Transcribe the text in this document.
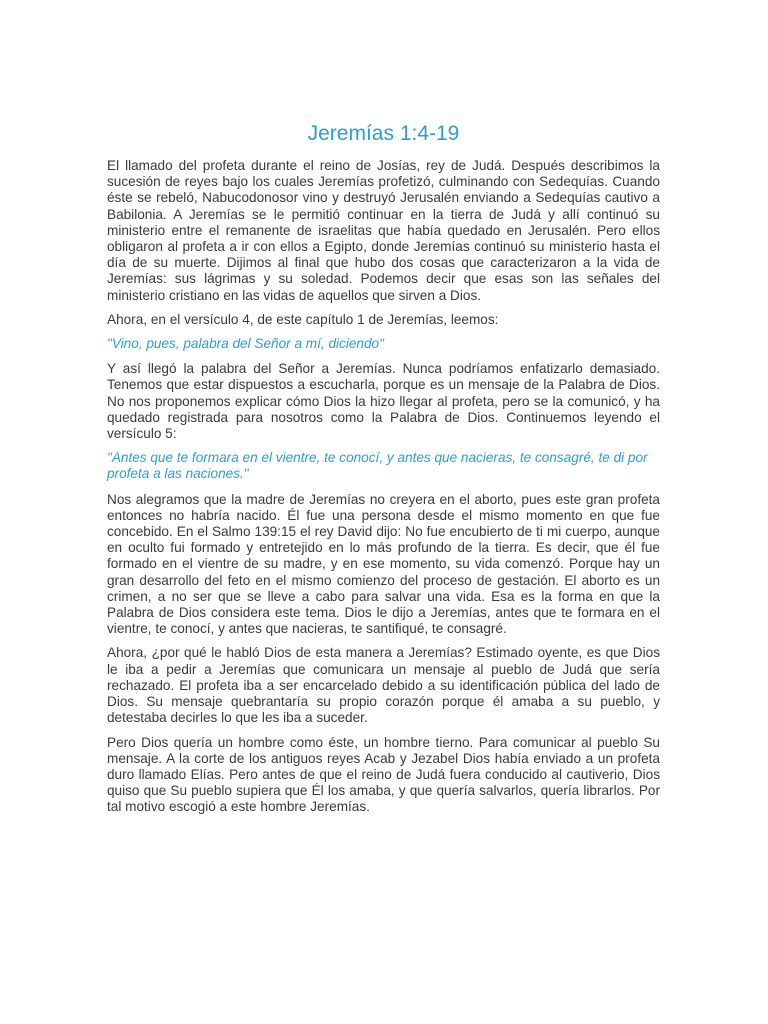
Jeremías 1:4-19

El llamado del profeta durante el reino de Josías, rey de Judá. Después describimos la sucesión de reyes bajo los cuales Jeremías profetizó, culminando con Sedequías. Cuando éste se rebeló, Nabucodonosor vino y destruyó Jerusalén enviando a Sedequías cautivo a Babilonia. A Jeremías se le permitió continuar en la tierra de Judá y allí continuó su ministerio entre el remanente de israelitas que había quedado en Jerusalén. Pero ellos obligaron al profeta a ir con ellos a Egipto, donde Jeremías continuó su ministerio hasta el día de su muerte. Dijimos al final que hubo dos cosas que caracterizaron a la vida de Jeremías: sus lágrimas y su soledad. Podemos decir que esas son las señales del ministerio cristiano en las vidas de aquellos que sirven a Dios.

Ahora, en el versículo 4, de este capítulo 1 de Jeremías, leemos:

"Vino, pues, palabra del Señor a mí, diciendo"

Y así llegó la palabra del Señor a Jeremías. Nunca podríamos enfatizarlo demasiado. Tenemos que estar dispuestos a escucharla, porque es un mensaje de la Palabra de Dios. No nos proponemos explicar cómo Dios la hizo llegar al profeta, pero se la comunicó, y ha quedado registrada para nosotros como la Palabra de Dios. Continuemos leyendo el versículo 5:

"Antes que te formara en el vientre, te conocí, y antes que nacieras, te consagré, te di por profeta a las naciones."

Nos alegramos que la madre de Jeremías no creyera en el aborto, pues este gran profeta entonces no habría nacido. Él fue una persona desde el mismo momento en que fue concebido. En el Salmo 139:15 el rey David dijo: No fue encubierto de ti mi cuerpo, aunque en oculto fui formado y entretejido en lo más profundo de la tierra. Es decir, que él fue formado en el vientre de su madre, y en ese momento, su vida comenzó. Porque hay un gran desarrollo del feto en el mismo comienzo del proceso de gestación. El aborto es un crimen, a no ser que se lleve a cabo para salvar una vida. Esa es la forma en que la Palabra de Dios considera este tema. Dios le dijo a Jeremías, antes que te formara en el vientre, te conocí, y antes que nacieras, te santifiqué, te consagré.

Ahora, ¿por qué le habló Dios de esta manera a Jeremías? Estimado oyente, es que Dios le iba a pedir a Jeremías que comunicara un mensaje al pueblo de Judá que sería rechazado. El profeta iba a ser encarcelado debido a su identificación pública del lado de Dios. Su mensaje quebrantaría su propio corazón porque él amaba a su pueblo, y detestaba decirles lo que les iba a suceder.

Pero Dios quería un hombre como éste, un hombre tierno. Para comunicar al pueblo Su mensaje. A la corte de los antiguos reyes Acab y Jezabel Dios había enviado a un profeta duro llamado Elías. Pero antes de que el reino de Judá fuera conducido al cautiverio, Dios quiso que Su pueblo supiera que Él los amaba, y que quería salvarlos, quería librarlos. Por tal motivo escogió a este hombre Jeremías.
